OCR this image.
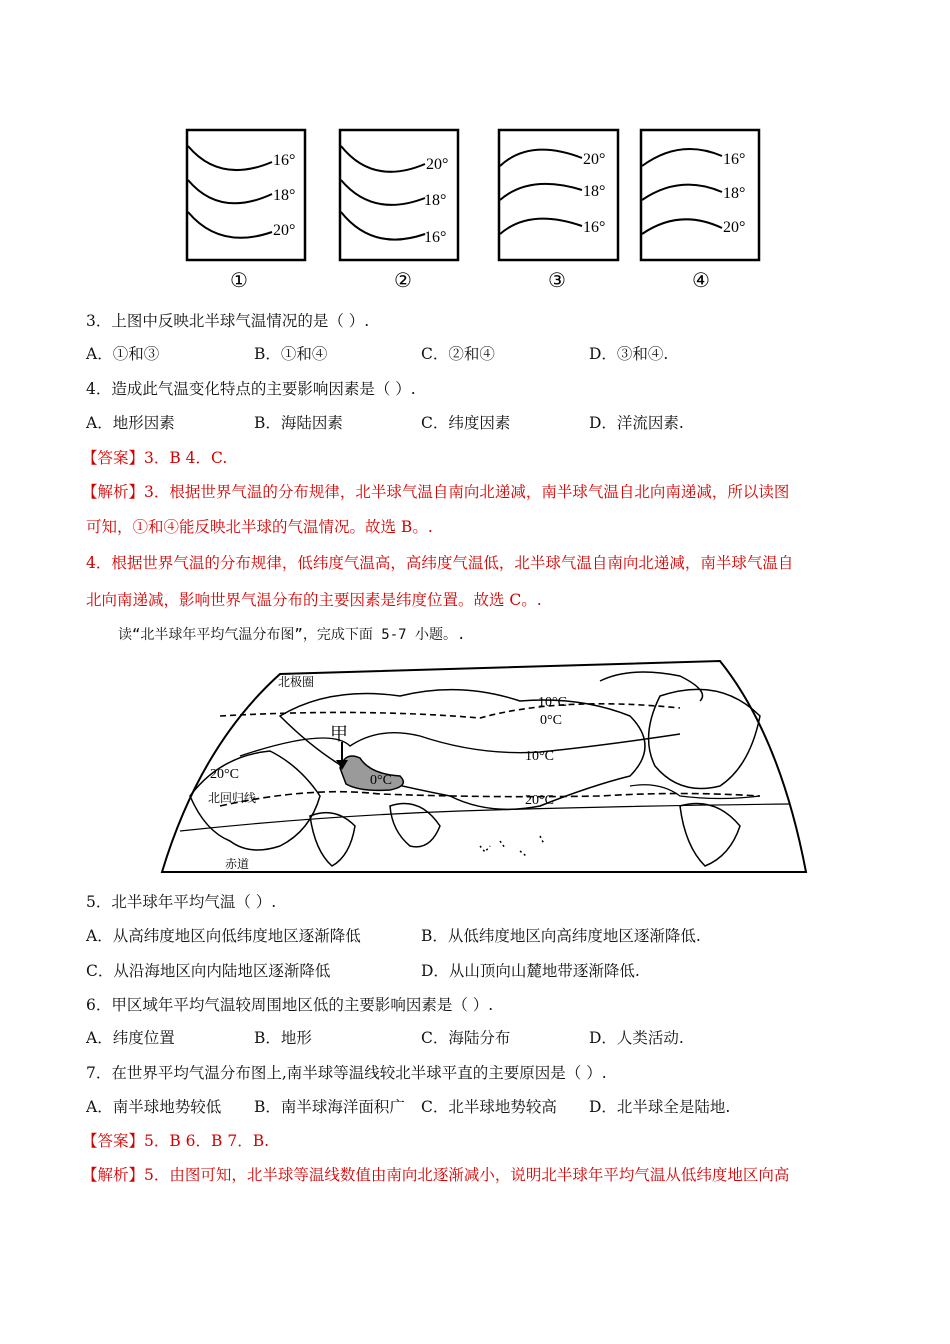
16°
18°
20°
①
20°
18°
16°
②
20°
18°
16°
③
16°
18°
20°
④
3．上图中反映北半球气温情况的是（ ）.
A．①和③	B．①和④	C．②和④	D．③和④.
4．造成此气温变化特点的主要影响因素是（ ）.
A．地形因素	B．海陆因素	C．纬度因素	D．洋流因素.
【答案】3．B 4．C.
【解析】3．根据世界气温的分布规律，北半球气温自南向北递减，南半球气温自北向南递减，所以读图
可知，①和④能反映北半球的气温情况。故选 B。.
4．根据世界气温的分布规律，低纬度气温高，高纬度气温低，北半球气温自南向北递减，南半球气温自
北向南递减，影响世界气温分布的主要因素是纬度位置。故选 C。.
读“北半球年平均气温分布图”，完成下面 5-7 小题。.
北极圈
北回归线
赤道
甲
10°C
0°C
10°C
20°C
20°C	0°C
5．北半球年平均气温（ ）.
A．从高纬度地区向低纬度地区逐渐降低	B．从低纬度地区向高纬度地区逐渐降低.
C．从沿海地区向内陆地区逐渐降低	D．从山顶向山麓地带逐渐降低.
6．甲区域年平均气温较周围地区低的主要影响因素是（ ）.
A．纬度位置	B．地形	C．海陆分布	D．人类活动.
7．在世界平均气温分布图上,南半球等温线较北半球平直的主要原因是（ ）.
A．南半球地势较低 B．南半球海洋面积广 C．北半球地势较高 D．北半球全是陆地.
【答案】5．B 6．B 7．B.
【解析】5．由图可知，北半球等温线数值由南向北逐渐减小，说明北半球年平均气温从低纬度地区向高
